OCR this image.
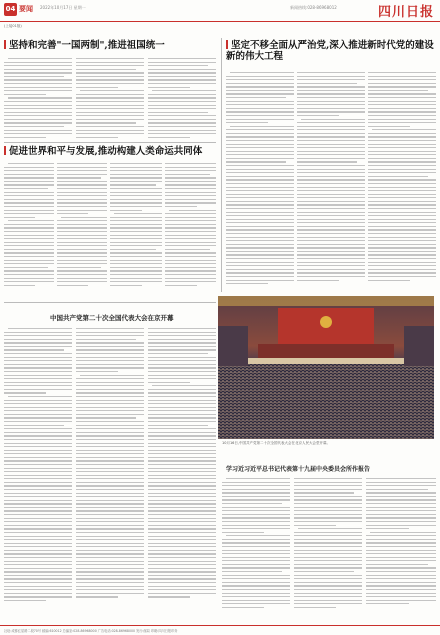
04 要闻 2022年10月17日 星期一	新闻热线:028-86968012	四川日报
(上接01版)
坚持和完善"一国两制",推进祖国统一	坚定不移全面从严治党,深入推进新时代党的建设新的伟大工程
促进世界和平与发展,推动构建人类命运共同体
中国共产党第二十次全国代表大会在京开幕
10月16日,中国共产党第二十次全国代表大会在北京人民大会堂开幕。
学习近习近平总书记代表第十九届中央委员会所作报告
社址:成都红星路二段70号 邮编:610012 总编室:028-86968000 广告电话:028-86968000 发行:邮局 印刷:四川日报印务
